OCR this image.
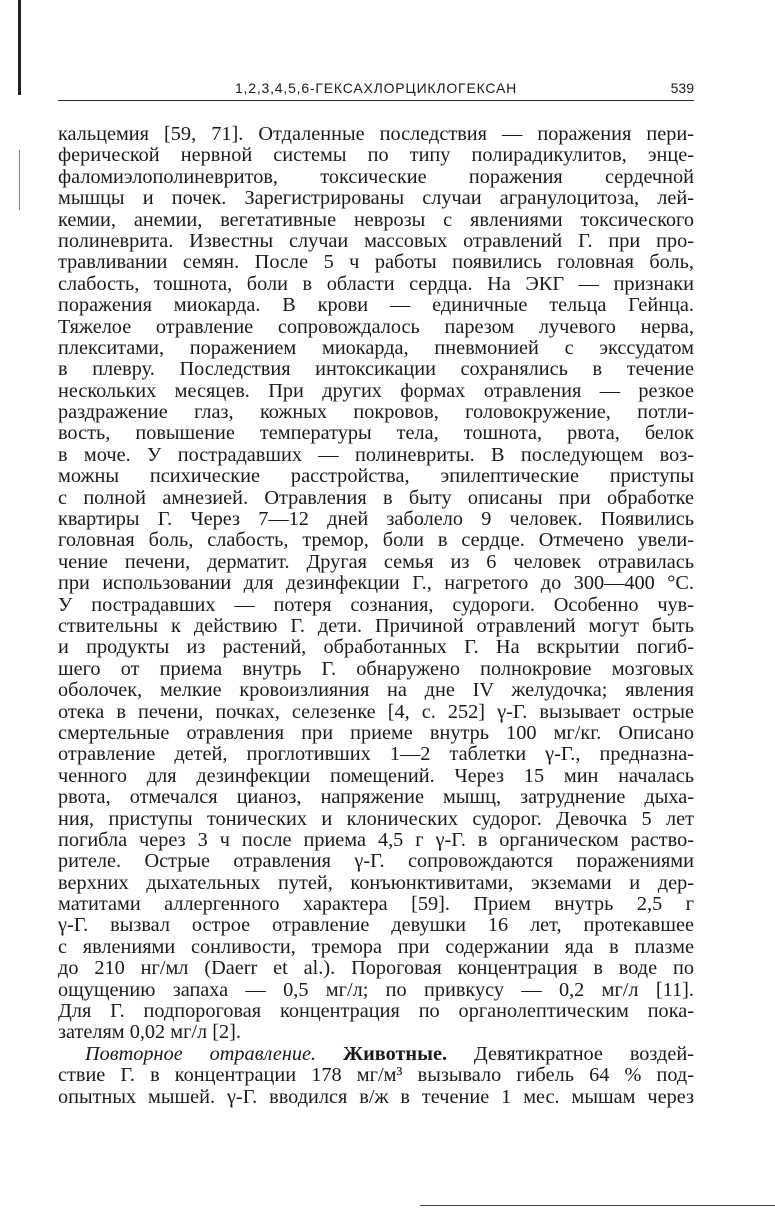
1,2,3,4,5,6-ГЕКСАХЛОРЦИКЛОГЕКСАН	539
кальцемия [59, 71]. Отдаленные последствия — поражения пери-
ферической нервной системы по типу полирадикулитов, энце-
фаломиэлополиневритов, токсические поражения сердечной
мышцы и почек. Зарегистрированы случаи агранулоцитоза, лей-
кемии, анемии, вегетативные неврозы с явлениями токсического
полиневрита. Известны случаи массовых отравлений Г. при про-
травливании семян. После 5 ч работы появились головная боль,
слабость, тошнота, боли в области сердца. На ЭКГ — признаки
поражения миокарда. В крови — единичные тельца Гейнца.
Тяжелое отравление сопровождалось парезом лучевого нерва,
плекситами, поражением миокарда, пневмонией с экссудатом
в плевру. Последствия интоксикации сохранялись в течение
нескольких месяцев. При других формах отравления — резкое
раздражение глаз, кожных покровов, головокружение, потли-
вость, повышение температуры тела, тошнота, рвота, белок
в моче. У пострадавших — полиневриты. В последующем воз-
можны психические расстройства, эпилептические приступы
с полной амнезией. Отравления в быту описаны при обработке
квартиры Г. Через 7—12 дней заболело 9 человек. Появились
головная боль, слабость, тремор, боли в сердце. Отмечено увели-
чение печени, дерматит. Другая семья из 6 человек отравилась
при использовании для дезинфекции Г., нагретого до 300—400 °С.
У пострадавших — потеря сознания, судороги. Особенно чув-
ствительны к действию Г. дети. Причиной отравлений могут быть
и продукты из растений, обработанных Г. На вскрытии погиб-
шего от приема внутрь Г. обнаружено полнокровие мозговых
оболочек, мелкие кровоизлияния на дне IV желудочка; явления
отека в печени, почках, селезенке [4, с. 252] γ-Г. вызывает острые
смертельные отравления при приеме внутрь 100 мг/кг. Описано
отравление детей, проглотивших 1—2 таблетки γ-Г., предназна-
ченного для дезинфекции помещений. Через 15 мин началась
рвота, отмечался цианоз, напряжение мышц, затруднение дыха-
ния, приступы тонических и клонических судорог. Девочка 5 лет
погибла через 3 ч после приема 4,5 г γ-Г. в органическом раство-
рителе. Острые отравления γ-Г. сопровождаются поражениями
верхних дыхательных путей, конъюнктивитами, экземами и дер-
матитами аллергенного характера [59]. Прием внутрь 2,5 г
γ-Г. вызвал острое отравление девушки 16 лет, протекавшее
с явлениями сонливости, тремора при содержании яда в плазме
до 210 нг/мл (Daerr et al.). Пороговая концентрация в воде по
ощущению запаха — 0,5 мг/л; по привкусу — 0,2 мг/л [11].
Для Г. подпороговая концентрация по органолептическим пока-
зателям 0,02 мг/л [2].
Повторное отравление. Животные. Девятикратное воздей-
ствие Г. в концентрации 178 мг/м³ вызывало гибель 64 % под-
опытных мышей. γ-Г. вводился в/ж в течение 1 мес. мышам через
